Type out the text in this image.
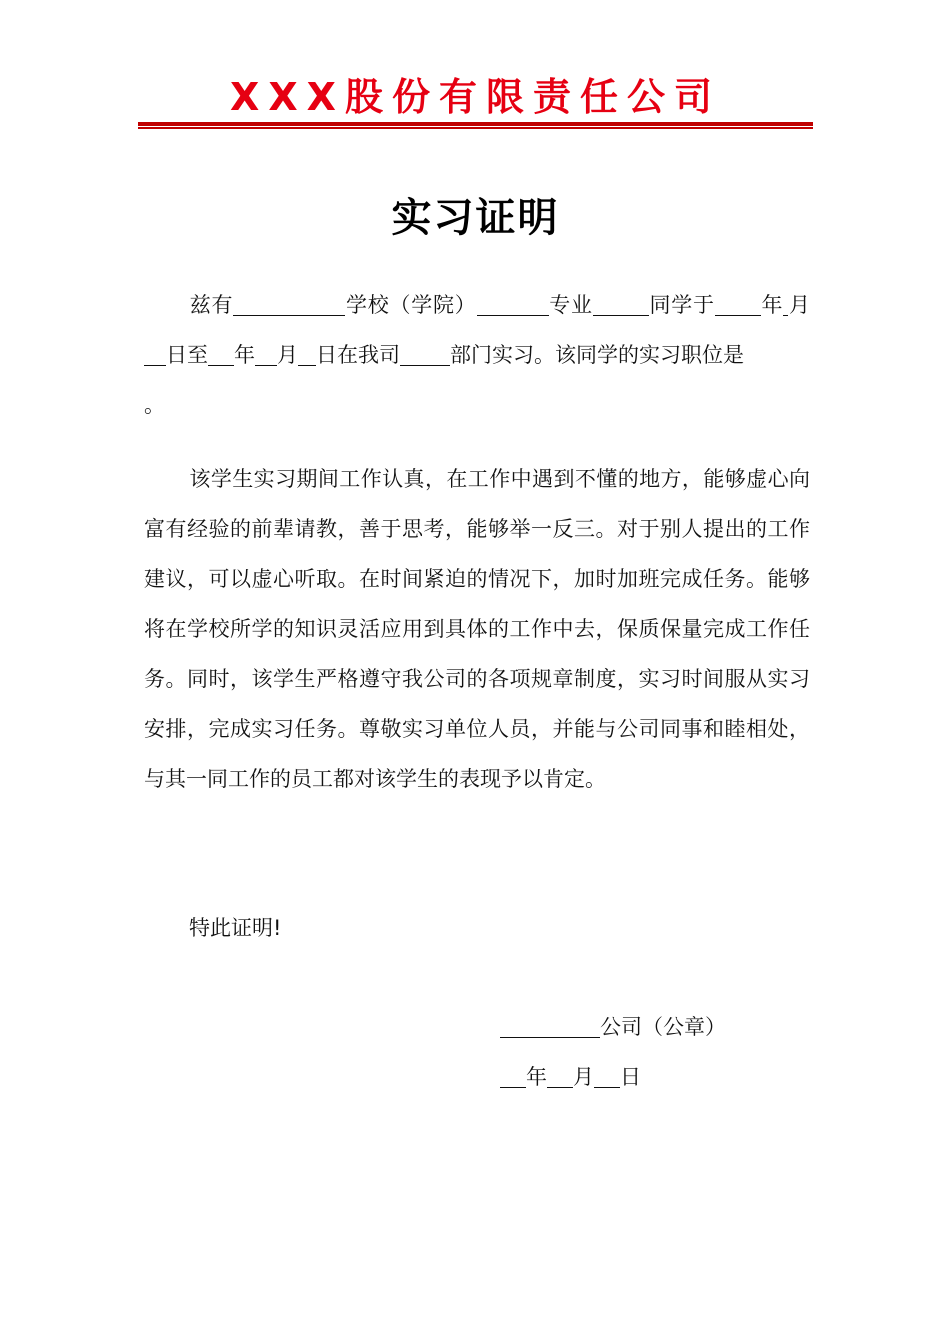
XXX股份有限责任公司
实习证明
兹有	学校（学院）	专业	同学于 年 月日至 年 月 日在我司 部门实习。该同学的实习职位是
。
该学生实习期间工作认真，在工作中遇到不懂的地方，能够虚心向富有经验的前辈请教，善于思考，能够举一反三。对于别人提出的工作建议，可以虚心听取。在时间紧迫的情况下，加时加班完成任务。能够将在学校所学的知识灵活应用到具体的工作中去，保质保量完成工作任务。同时，该学生严格遵守我公司的各项规章制度，实习时间服从实习安排，完成实习任务。尊敬实习单位人员，并能与公司同事和睦相处，与其一同工作的员工都对该学生的表现予以肯定。
特此证明!
公司（公章）
年 月 日
